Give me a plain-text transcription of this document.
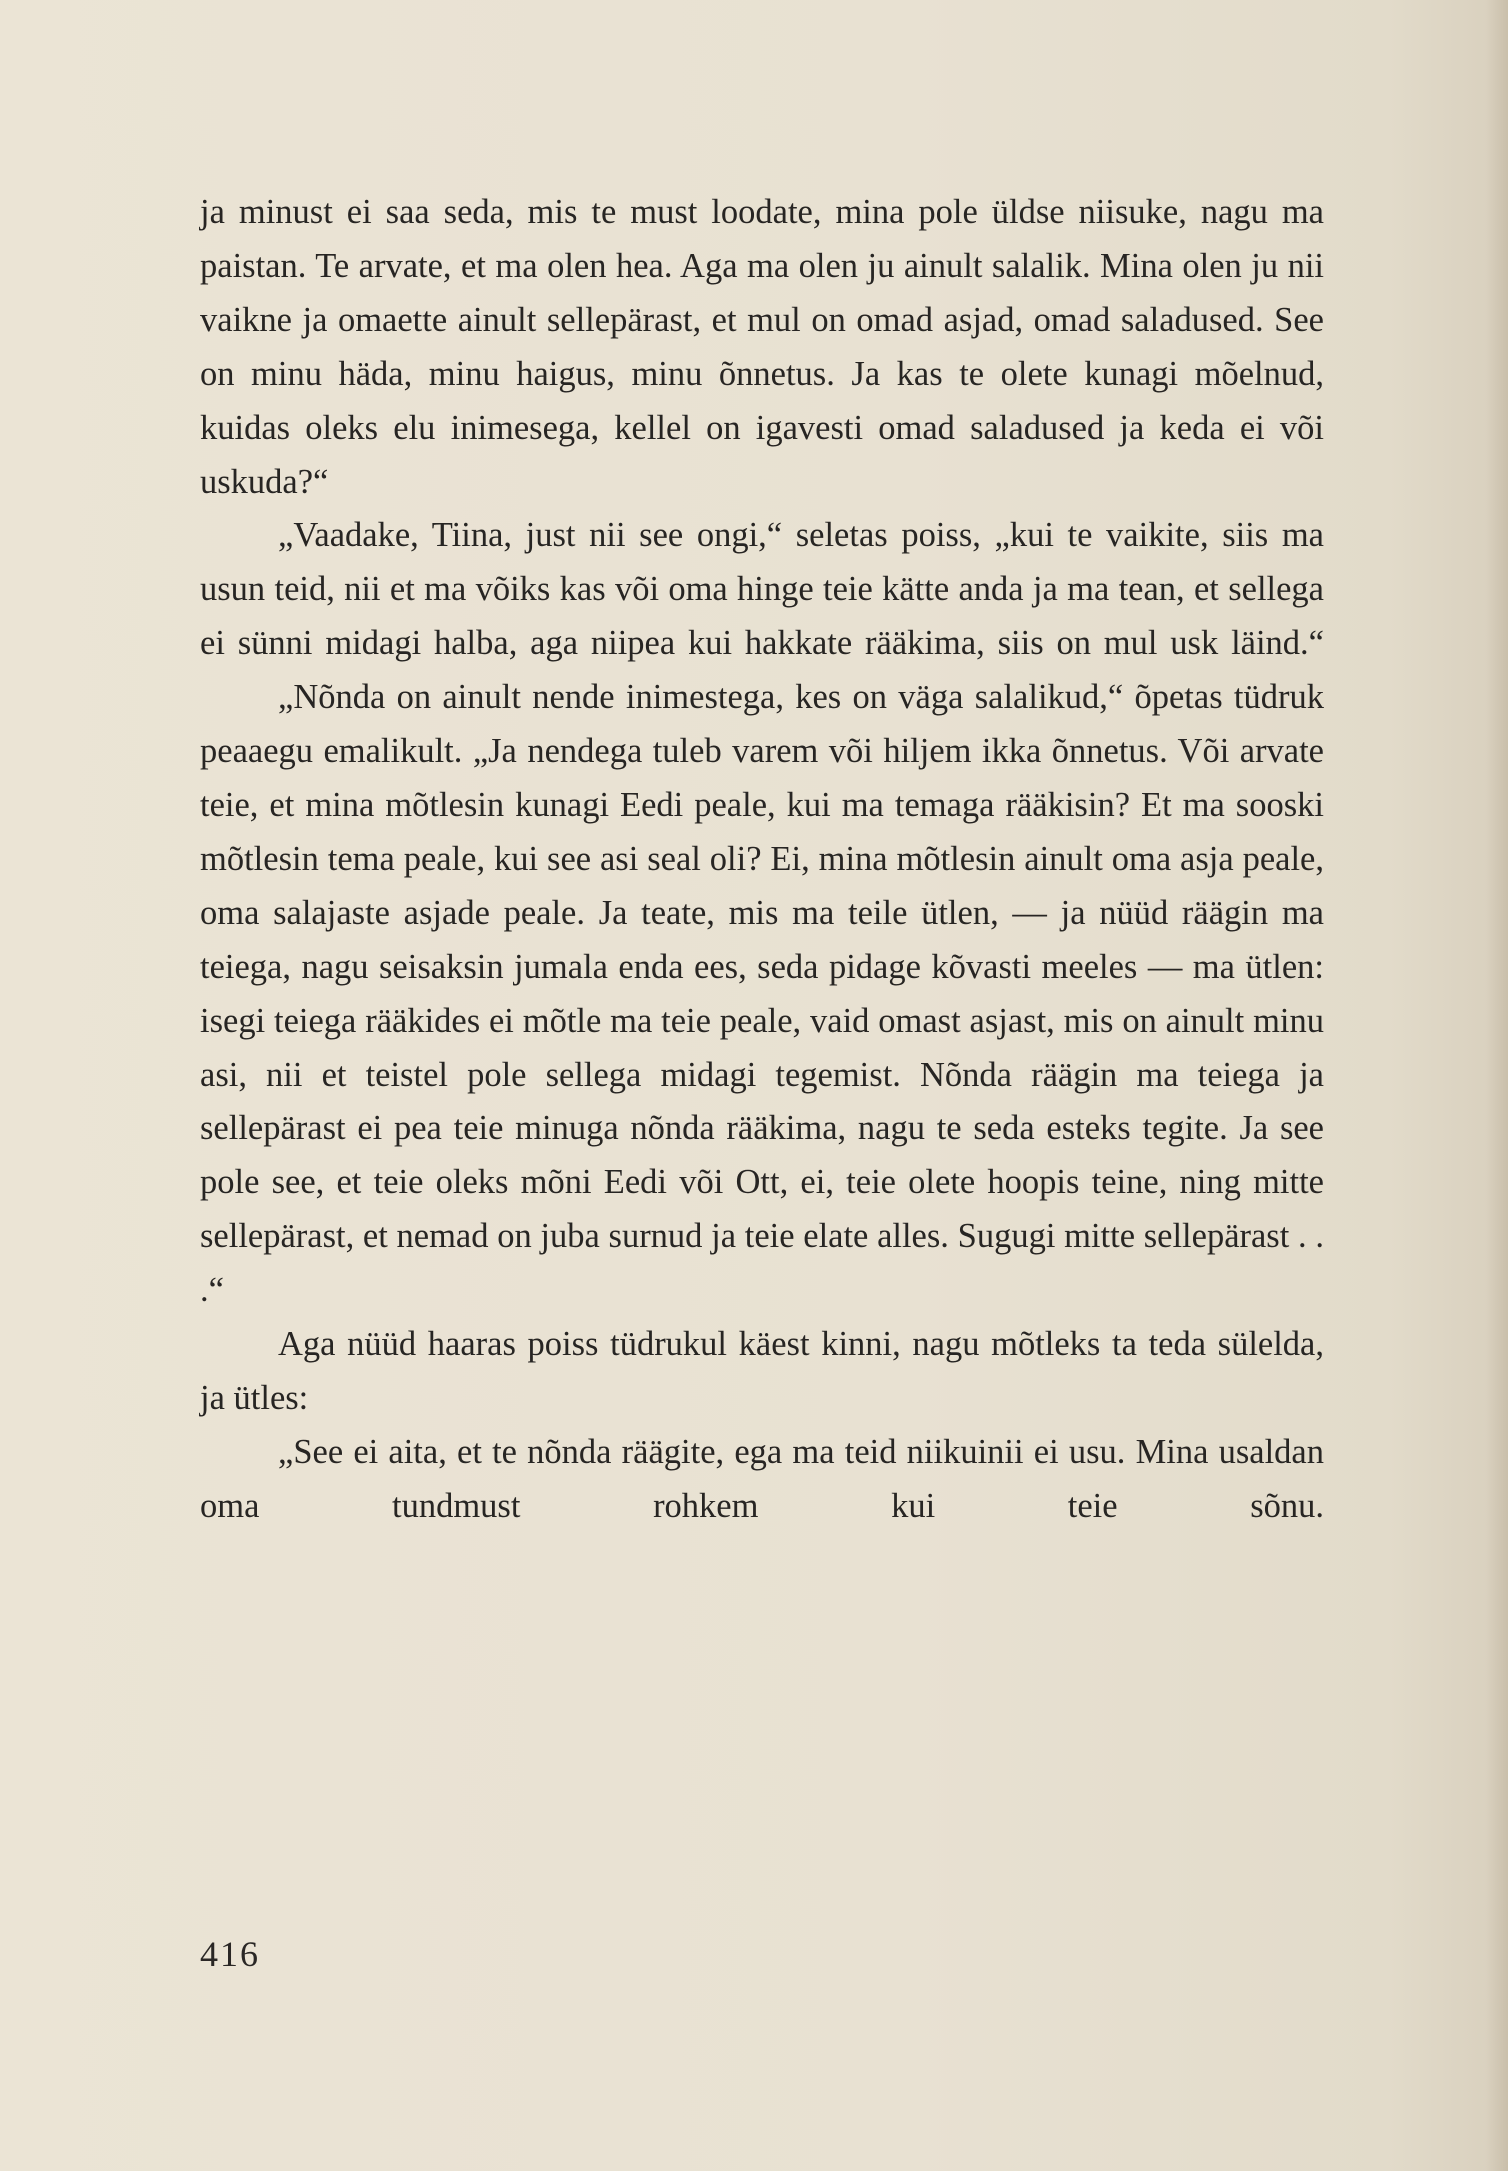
ja minust ei saa seda, mis te must loodate, mina pole üldse niisuke, nagu ma paistan. Te arvate, et ma olen hea. Aga ma olen ju ainult salalik. Mina olen ju nii vaikne ja omaette ainult sellepärast, et mul on omad asjad, omad saladused. See on minu häda, minu haigus, minu õnnetus. Ja kas te olete kunagi mõelnud, kuidas oleks elu inimesega, kellel on igavesti omad saladused ja keda ei või uskuda?“

„Vaadake, Tiina, just nii see ongi,“ seletas poiss, „kui te vaikite, siis ma usun teid, nii et ma võiks kas või oma hinge teie kätte anda ja ma tean, et sellega ei sünni midagi halba, aga niipea kui hakkate rääkima, siis on mul usk läind.“

„Nõnda on ainult nende inimestega, kes on väga salalikud,“ õpetas tüdruk peaaegu emalikult. „Ja nendega tuleb varem või hiljem ikka õnnetus. Või arvate teie, et mina mõtlesin kunagi Eedi peale, kui ma temaga rääkisin? Et ma sooski mõtlesin tema peale, kui see asi seal oli? Ei, mina mõtlesin ainult oma asja peale, oma salajaste asjade peale. Ja teate, mis ma teile ütlen, — ja nüüd räägin ma teiega, nagu seisaksin jumala enda ees, seda pidage kõvasti meeles — ma ütlen: isegi teiega rääkides ei mõtle ma teie peale, vaid omast asjast, mis on ainult minu asi, nii et teistel pole sellega midagi tegemist. Nõnda räägin ma teiega ja sellepärast ei pea teie minuga nõnda rääkima, nagu te seda esteks tegite. Ja see pole see, et teie oleks mõni Eedi või Ott, ei, teie olete hoopis teine, ning mitte sellepärast, et nemad on juba surnud ja teie elate alles. Sugugi mitte sellepärast . . .“

Aga nüüd haaras poiss tüdrukul käest kinni, nagu mõtleks ta teda sülelda, ja ütles:

„See ei aita, et te nõnda räägite, ega ma teid niikuinii ei usu. Mina usaldan oma tundmust rohkem kui teie sõnu.

416
